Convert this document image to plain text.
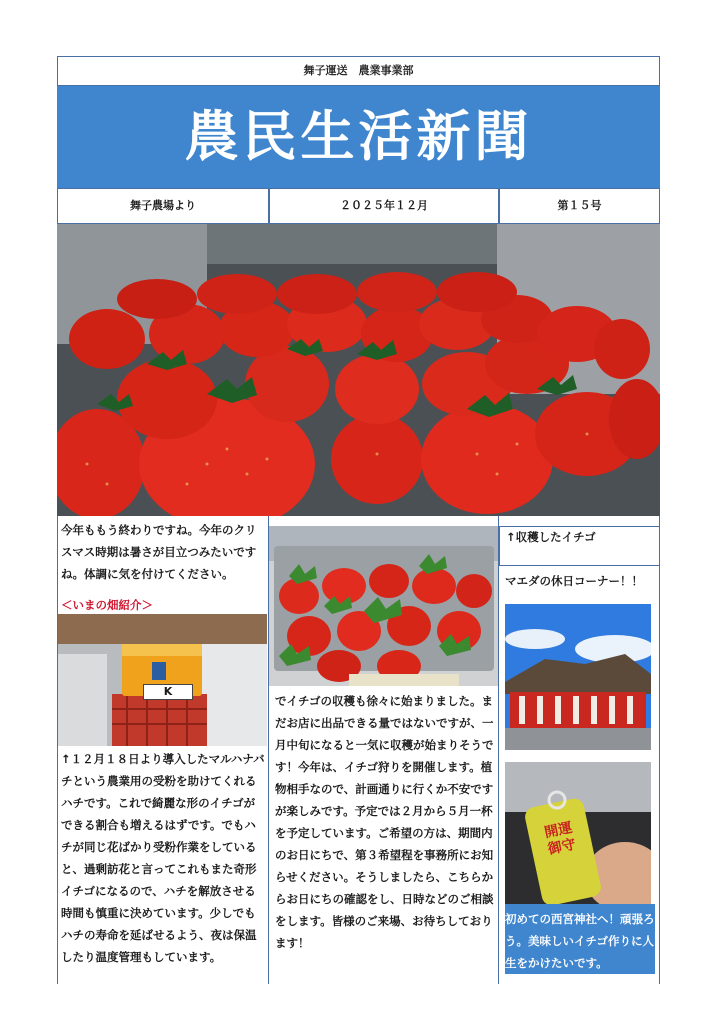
舞子運送　農業事業部
農民生活新聞
舞子農場より	２０２５年１２月	第１５号
今年ももう終わりですね。今年のクリスマス時期は暑さが目立つみたいですね。体調に気を付けてください。
＜いまの畑紹介＞
K
↑１２月１８日より導入したマルハナバチという農業用の受粉を助けてくれるハチです。これで綺麗な形のイチゴができる割合も増えるはずです。でもハチが同じ花ばかり受粉作業をしていると、過剰訪花と言ってこれもまた奇形イチゴになるので、ハチを解放させる時間も慎重に決めています。少しでもハチの寿命を延ばせるよう、夜は保温したり温度管理もしています。
でイチゴの収穫も徐々に始まりました。まだお店に出品できる量ではないですが、一月中旬になると一気に収穫が始まりそうです！今年は、イチゴ狩りを開催します。植物相手なので、計画通りに行くか不安ですが楽しみです。予定では２月から５月一杯を予定しています。ご希望の方は、期間内のお日にちで、第３希望程を事務所にお知らせください。そうしましたら、こちらからお日にちの確認をし、日時などのご相談をします。皆様のご来場、お待ちしております！
↑収穫したイチゴ
マエダの休日コーナー！！
開運御守
初めての西宮神社へ！頑張ろう。美味しいイチゴ作りに人生をかけたいです。
